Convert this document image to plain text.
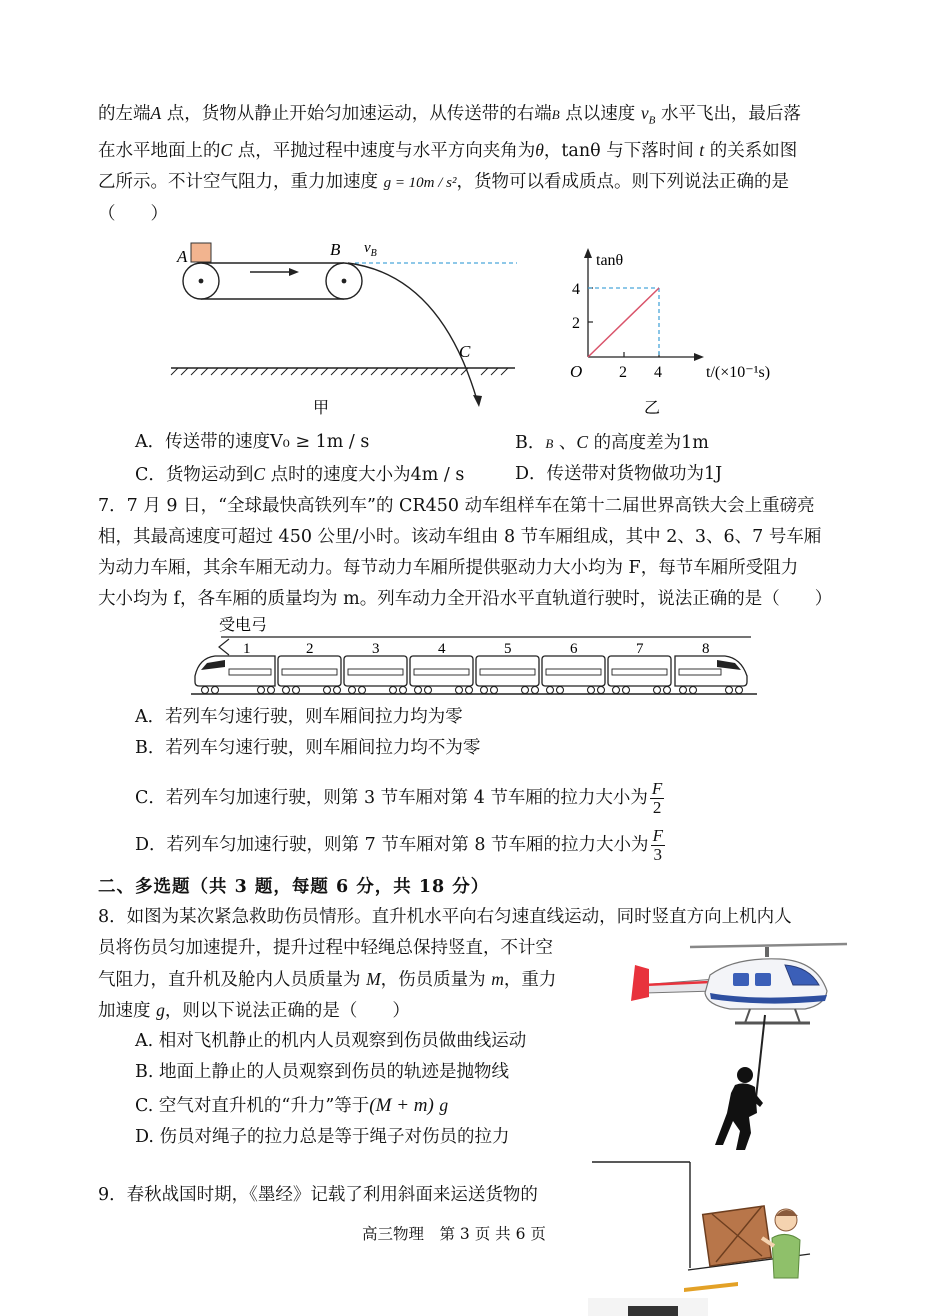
的左端A 点，货物从静止开始匀加速运动，从传送带的右端B 点以速度 $v_B$ 水平飞出，最后落
在水平地面上的C 点，平抛过程中速度与水平方向夹角为θ，tanθ 与下落时间 t 的关系如图
乙所示。不计空气阻力，重力加速度 g = 10m / s²，货物可以看成质点。则下列说法正确的是
（　　）
A	B $v_B$
C
甲
tanθ
4
2
O 2 4	t/(×10⁻¹s)
乙
A．传送带的速度V₀ ≥ 1m / s	B．B 、C 的高度差为1m
C．货物运动到C 点时的速度大小为4m / s	D．传送带对货物做功为1J
7．7 月 9 日，“全球最快高铁列车”的 CR450 动车组样车在第十二届世界高铁大会上重磅亮
相，其最高速度可超过 450 公里/小时。该动车组由 8 节车厢组成，其中 2、3、6、7 号车厢
为动力车厢，其余车厢无动力。每节动力车厢所提供驱动力大小均为 F，每节车厢所受阻力
大小均为 f，各车厢的质量均为 m。列车动力全开沿水平直轨道行驶时，说法正确的是（　　）
受电弓
1	2	3	4	5	6	7	8
A．若列车匀速行驶，则车厢间拉力均为零
B．若列车匀速行驶，则车厢间拉力均不为零
C．若列车匀加速行驶，则第 3 节车厢对第 4 节车厢的拉力大小为 $\frac{F}{2}$
D．若列车匀加速行驶，则第 7 节车厢对第 8 节车厢的拉力大小为 $\frac{F}{3}$
二、多选题（共 3 题，每题 6 分，共 18 分）
8．如图为某次紧急救助伤员情形。直升机水平向右匀速直线运动，同时竖直方向上机内人
员将伤员匀加速提升，提升过程中轻绳总保持竖直，不计空
气阻力，直升机及舱内人员质量为 M，伤员质量为 m，重力
加速度 g，则以下说法正确的是（　　）
A. 相对飞机静止的机内人员观察到伤员做曲线运动
B. 地面上静止的人员观察到伤员的轨迹是抛物线
C. 空气对直升机的“升力”等于(M + m) g
D. 伤员对绳子的拉力总是等于绳子对伤员的拉力
9．春秋战国时期，《墨经》记载了利用斜面来运送货物的
高三物理　第 3 页 共 6 页
